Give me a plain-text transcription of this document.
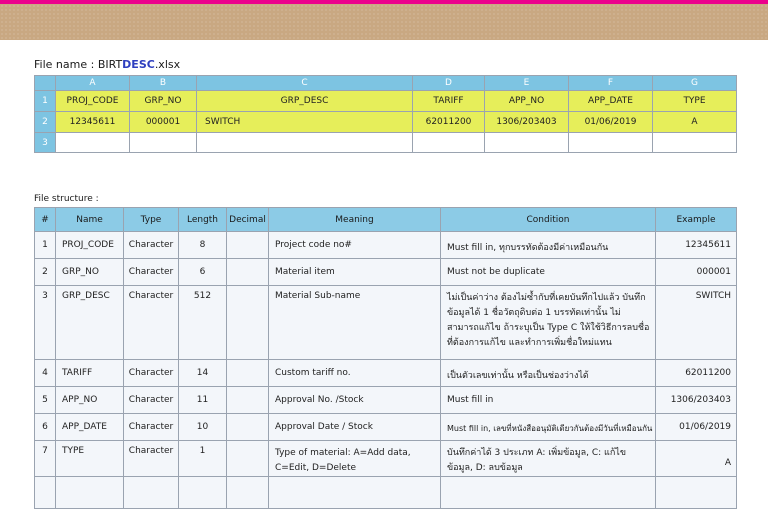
File name : BIRTDESC.xlsx
	A	B	C	D	E	F	G
1	PROJ_CODE	GRP_NO	GRP_DESC	TARIFF	APP_NO	APP_DATE	TYPE
2	12345611	000001	SWITCH	62011200	1306/203403	01/06/2019	A
3							
File structure :
#	Name	Type	Length	Decimal	Meaning	Condition	Example
1	PROJ_CODE	Character	8		Project code no#	Must fill in, ทุกบรรทัดต้องมีค่าเหมือนกัน	12345611
2	GRP_NO	Character	6		Material item	Must not be duplicate	000001
3	GRP_DESC	Character	512		Material Sub-name	ไม่เป็นค่าว่าง ต้องไม่ซ้ำกับที่เคยบันทึกไปแล้ว บันทึกข้อมูลได้ 1 ชื่อวัตถุดิบต่อ 1 บรรทัดเท่านั้น ไม่สามารถแก้ไข ถ้าระบุเป็น Type C ให้ใช้วิธีการลบชื่อที่ต้องการแก้ไข และทำการเพิ่มชื่อใหม่แทน	SWITCH
4	TARIFF	Character	14		Custom tariff no.	เป็นตัวเลขเท่านั้น หรือเป็นช่องว่างได้	62011200
5	APP_NO	Character	11		Approval No. /Stock	Must fill in	1306/203403
6	APP_DATE	Character	10		Approval Date / Stock	Must fill in, เลขที่หนังสืออนุมัติเดียวกันต้องมีวันที่เหมือนกัน	01/06/2019
7	TYPE	Character	1		Type of material: A=Add data, C=Edit, D=Delete	บันทึกค่าได้ 3 ประเภท A: เพิ่มข้อมูล, C: แก้ไขข้อมูล, D: ลบข้อมูล	A
